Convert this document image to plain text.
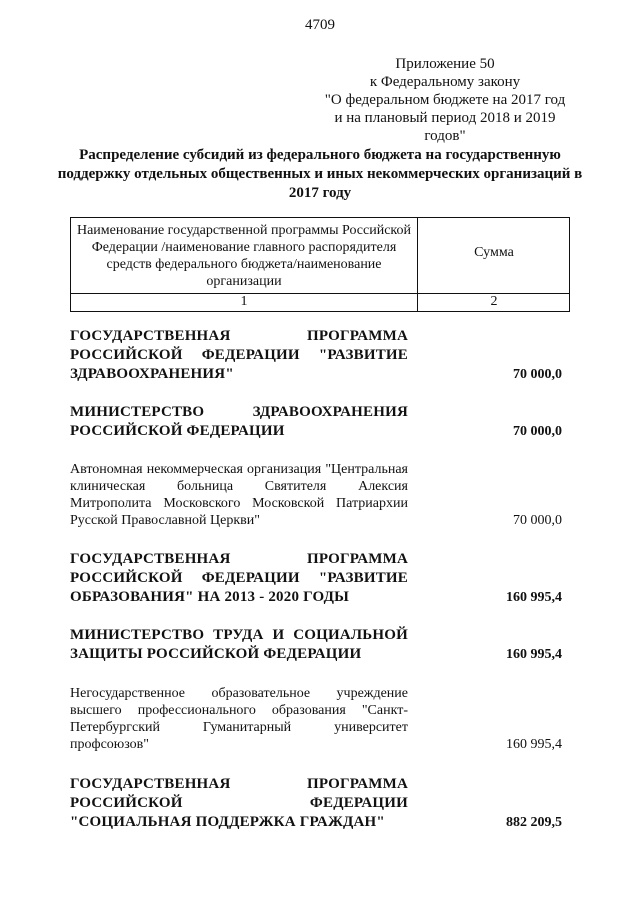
4709
Приложение 50
к Федеральному закону
"О федеральном бюджете на 2017 год
и на плановый период 2018 и 2019
годов"
Распределение субсидий из федерального бюджета на государственную поддержку отдельных общественных и иных некоммерческих организаций в 2017 году
Наименование государственной программы Российской Федерации /наименование главного распорядителя средств федерального бюджета/наименование организации
Сумма
1	2
ГОСУДАРСТВЕННАЯ ПРОГРАММА РОССИЙСКОЙ ФЕДЕРАЦИИ "РАЗВИТИЕ ЗДРАВООХРАНЕНИЯ"	70 000,0
МИНИСТЕРСТВО ЗДРАВООХРАНЕНИЯ РОССИЙСКОЙ ФЕДЕРАЦИИ	70 000,0
Автономная некоммерческая организация "Центральная клиническая больница Святителя Алексия Митрополита Московского Московской Патриархии Русской Православной Церкви"	70 000,0
ГОСУДАРСТВЕННАЯ ПРОГРАММА РОССИЙСКОЙ ФЕДЕРАЦИИ "РАЗВИТИЕ ОБРАЗОВАНИЯ" НА 2013 - 2020 ГОДЫ	160 995,4
МИНИСТЕРСТВО ТРУДА И СОЦИАЛЬНОЙ ЗАЩИТЫ РОССИЙСКОЙ ФЕДЕРАЦИИ	160 995,4
Негосударственное образовательное учреждение высшего профессионального образования "Санкт-Петербургский Гуманитарный университет профсоюзов"	160 995,4
ГОСУДАРСТВЕННАЯ ПРОГРАММА РОССИЙСКОЙ ФЕДЕРАЦИИ "СОЦИАЛЬНАЯ ПОДДЕРЖКА ГРАЖДАН"	882 209,5
